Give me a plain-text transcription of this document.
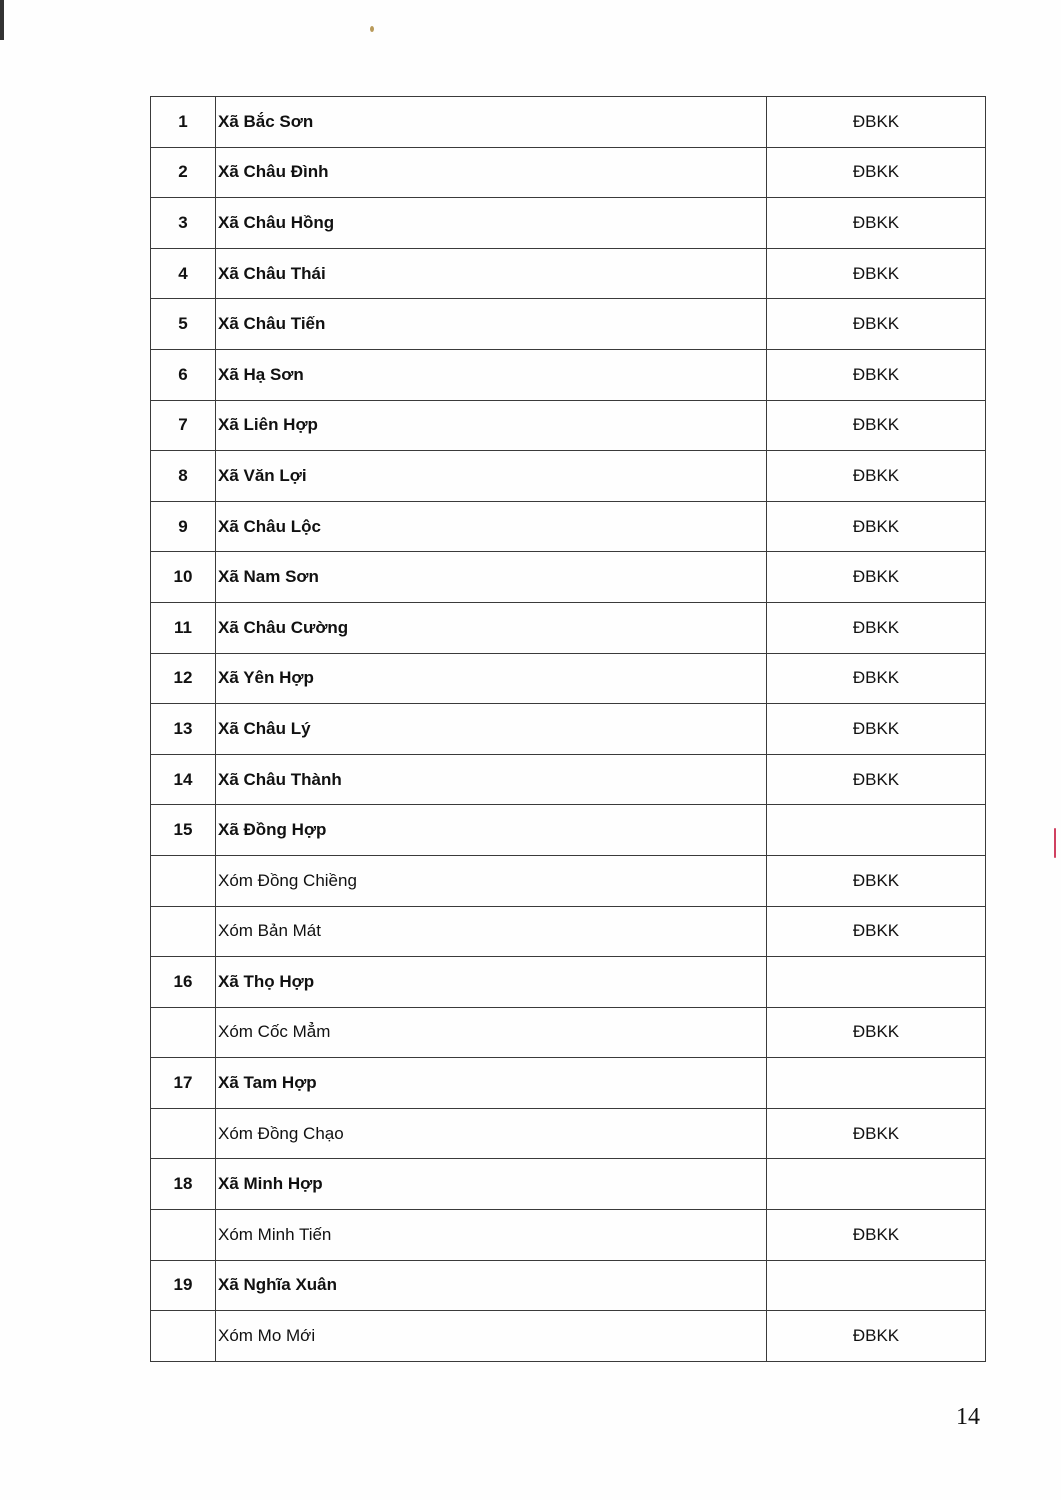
1	Xã Bắc Sơn	ĐBKK
2	Xã Châu Đình	ĐBKK
3	Xã Châu Hồng	ĐBKK
4	Xã Châu Thái	ĐBKK
5	Xã Châu Tiến	ĐBKK
6	Xã Hạ Sơn	ĐBKK
7	Xã Liên Hợp	ĐBKK
8	Xã Văn Lợi	ĐBKK
9	Xã Châu Lộc	ĐBKK
10	Xã Nam Sơn	ĐBKK
11	Xã Châu Cường	ĐBKK
12	Xã Yên Hợp	ĐBKK
13	Xã Châu Lý	ĐBKK
14	Xã Châu Thành	ĐBKK
15	Xã Đồng Hợp	
	Xóm Đồng Chiềng	ĐBKK
	Xóm Bản Mát	ĐBKK
16	Xã Thọ Hợp	
	Xóm Cốc Mẳm	ĐBKK
17	Xã Tam Hợp	
	Xóm Đồng Chạo	ĐBKK
18	Xã Minh Hợp	
	Xóm Minh Tiến	ĐBKK
19	Xã Nghĩa Xuân	
	Xóm Mo Mới	ĐBKK
14
